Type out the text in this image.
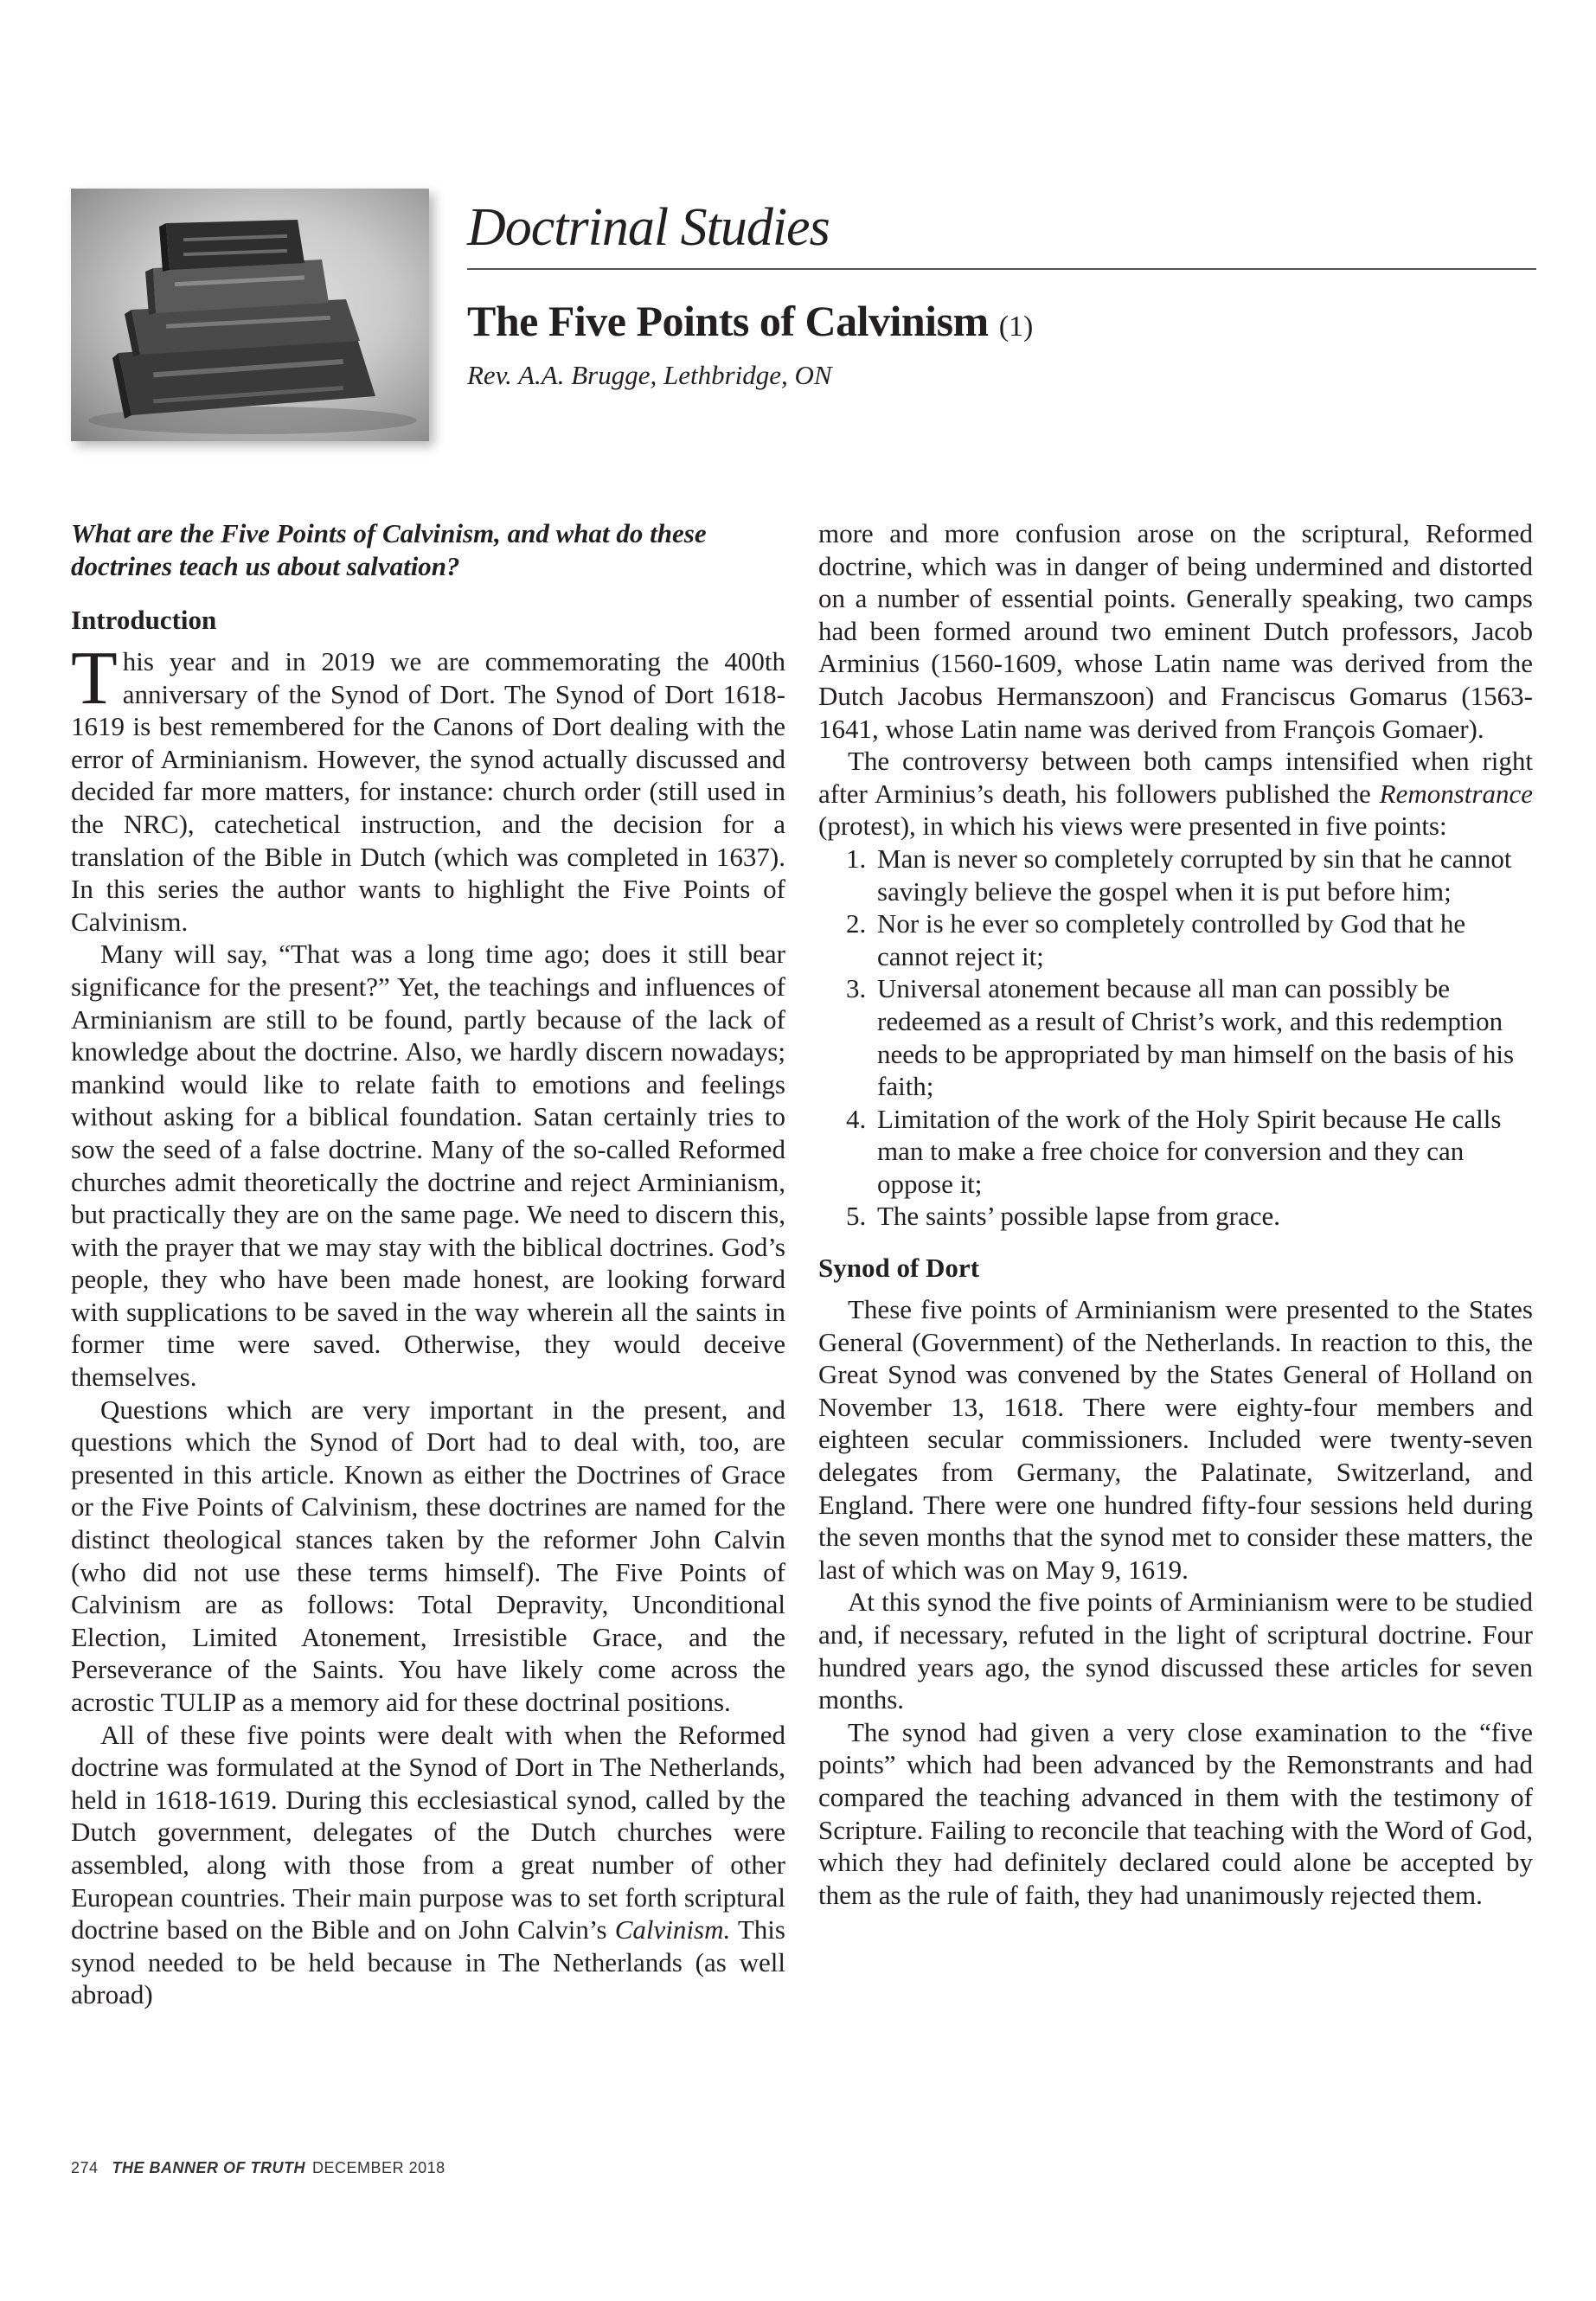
Doctrinal Studies
The Five Points of Calvinism (1)
Rev. A.A. Brugge, Lethbridge, ON

What are the Five Points of Calvinism, and what do these doctrines teach us about salvation?

Introduction

This year and in 2019 we are commemorating the 400th anniversary of the Synod of Dort. The Synod of Dort 1618-1619 is best remembered for the Canons of Dort dealing with the error of Arminianism. However, the synod actually discussed and decided far more matters, for instance: church order (still used in the NRC), catechetical instruction, and the decision for a translation of the Bible in Dutch (which was completed in 1637). In this series the author wants to highlight the Five Points of Calvinism.

Many will say, “That was a long time ago; does it still bear significance for the present?” Yet, the teachings and influences of Arminianism are still to be found, partly because of the lack of knowledge about the doctrine. Also, we hardly discern nowadays; mankind would like to relate faith to emotions and feelings without asking for a biblical foundation. Satan certainly tries to sow the seed of a false doctrine. Many of the so-called Reformed churches admit theoretically the doctrine and reject Arminianism, but practically they are on the same page. We need to discern this, with the prayer that we may stay with the biblical doctrines. God’s people, they who have been made honest, are looking forward with supplications to be saved in the way wherein all the saints in former time were saved. Otherwise, they would deceive themselves.

Questions which are very important in the present, and questions which the Synod of Dort had to deal with, too, are presented in this article. Known as either the Doctrines of Grace or the Five Points of Calvinism, these doctrines are named for the distinct theological stances taken by the reformer John Calvin (who did not use these terms himself). The Five Points of Calvinism are as follows: Total Depravity, Unconditional Election, Limited Atonement, Irresistible Grace, and the Perseverance of the Saints. You have likely come across the acrostic TULIP as a memory aid for these doctrinal positions.

All of these five points were dealt with when the Reformed doctrine was formulated at the Synod of Dort in The Netherlands, held in 1618-1619. During this ecclesiastical synod, called by the Dutch government, delegates of the Dutch churches were assembled, along with those from a great number of other European countries. Their main purpose was to set forth scriptural doctrine based on the Bible and on John Calvin’s Calvinism. This synod needed to be held because in The Netherlands (as well abroad)

more and more confusion arose on the scriptural, Reformed doctrine, which was in danger of being undermined and distorted on a number of essential points. Generally speaking, two camps had been formed around two eminent Dutch professors, Jacob Arminius (1560-1609, whose Latin name was derived from the Dutch Jacobus Hermanszoon) and Franciscus Gomarus (1563-1641, whose Latin name was derived from François Gomaer).

The controversy between both camps intensified when right after Arminius’s death, his followers published the Remonstrance (protest), in which his views were presented in five points:

1. Man is never so completely corrupted by sin that he cannot savingly believe the gospel when it is put before him;
2. Nor is he ever so completely controlled by God that he cannot reject it;
3. Universal atonement because all man can possibly be redeemed as a result of Christ’s work, and this redemption needs to be appropriated by man himself on the basis of his faith;
4. Limitation of the work of the Holy Spirit because He calls man to make a free choice for conversion and they can oppose it;
5. The saints’ possible lapse from grace.
Synod of Dort

These five points of Arminianism were presented to the States General (Government) of the Netherlands. In reaction to this, the Great Synod was convened by the States General of Holland on November 13, 1618. There were eighty-four members and eighteen secular commissioners. Included were twenty-seven delegates from Germany, the Palatinate, Switzerland, and England. There were one hundred fifty-four sessions held during the seven months that the synod met to consider these matters, the last of which was on May 9, 1619.

At this synod the five points of Arminianism were to be studied and, if necessary, refuted in the light of scriptural doctrine. Four hundred years ago, the synod discussed these articles for seven months.

The synod had given a very close examination to the “five points” which had been advanced by the Remonstrants and had compared the teaching advanced in them with the testimony of Scripture. Failing to reconcile that teaching with the Word of God, which they had definitely declared could alone be accepted by them as the rule of faith, they had unanimously rejected them.

274 THE BANNER OF TRUTH DECEMBER 2018
